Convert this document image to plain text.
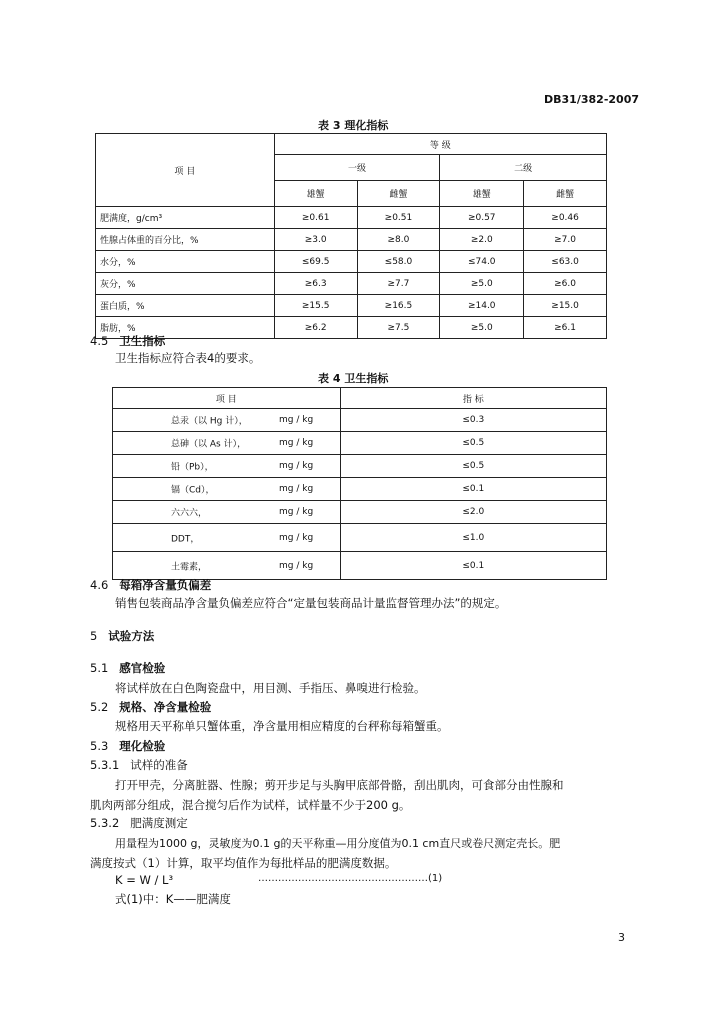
DB31/382-2007
表 3 理化指标
项 目	等 级			
	一级		二级	
	雄蟹	雌蟹	雄蟹	雌蟹
肥满度，g/cm³	≥0.61	≥0.51	≥0.57	≥0.46
性腺占体重的百分比，%	≥3.0	≥8.0	≥2.0	≥7.0
水分，%	≤69.5	≤58.0	≤74.0	≤63.0
灰分，%	≥6.3	≥7.7	≥5.0	≥6.0
蛋白质，%	≥15.5	≥16.5	≥14.0	≥15.0
脂肪，%	≥6.2	≥7.5	≥5.0	≥6.1
4.5 卫生指标
卫生指标应符合表4的要求。
表 4 卫生指标
项 目	指 标

总汞（以 Hg 计）， mg / kg	≤0.3

总砷（以 As 计）， mg / kg	≤0.5

铅（Pb）， mg / kg	≤0.5

镉（Cd）， mg / kg	≤0.1

六六六， mg / kg	≤2.0

DDT， mg / kg	≤1.0

土霉素， mg / kg	≤0.1
4.6 每箱净含量负偏差
销售包装商品净含量负偏差应符合“定量包装商品计量监督管理办法”的规定。
5 试验方法
5.1 感官检验
将试样放在白色陶瓷盘中，用目测、手指压、鼻嗅进行检验。
5.2 规格、净含量检验
规格用天平称单只蟹体重，净含量用相应精度的台秤称每箱蟹重。
5.3 理化检验
5.3.1 试样的准备
打开甲壳，分离脏器、性腺；剪开步足与头胸甲底部骨骼，刮出肌肉，可食部分由性腺和
肌肉两部分组成，混合搅匀后作为试样，试样量不少于200 g。
5.3.2 肥满度测定
用量程为1000 g，灵敏度为0.1 g的天平称重—用分度值为0.1 cm直尺或卷尺测定壳长。肥
满度按式（1）计算，取平均值作为每批样品的肥满度数据。
K = W / L³	……………………………………………(1)
式(1)中：K——肥满度
3
